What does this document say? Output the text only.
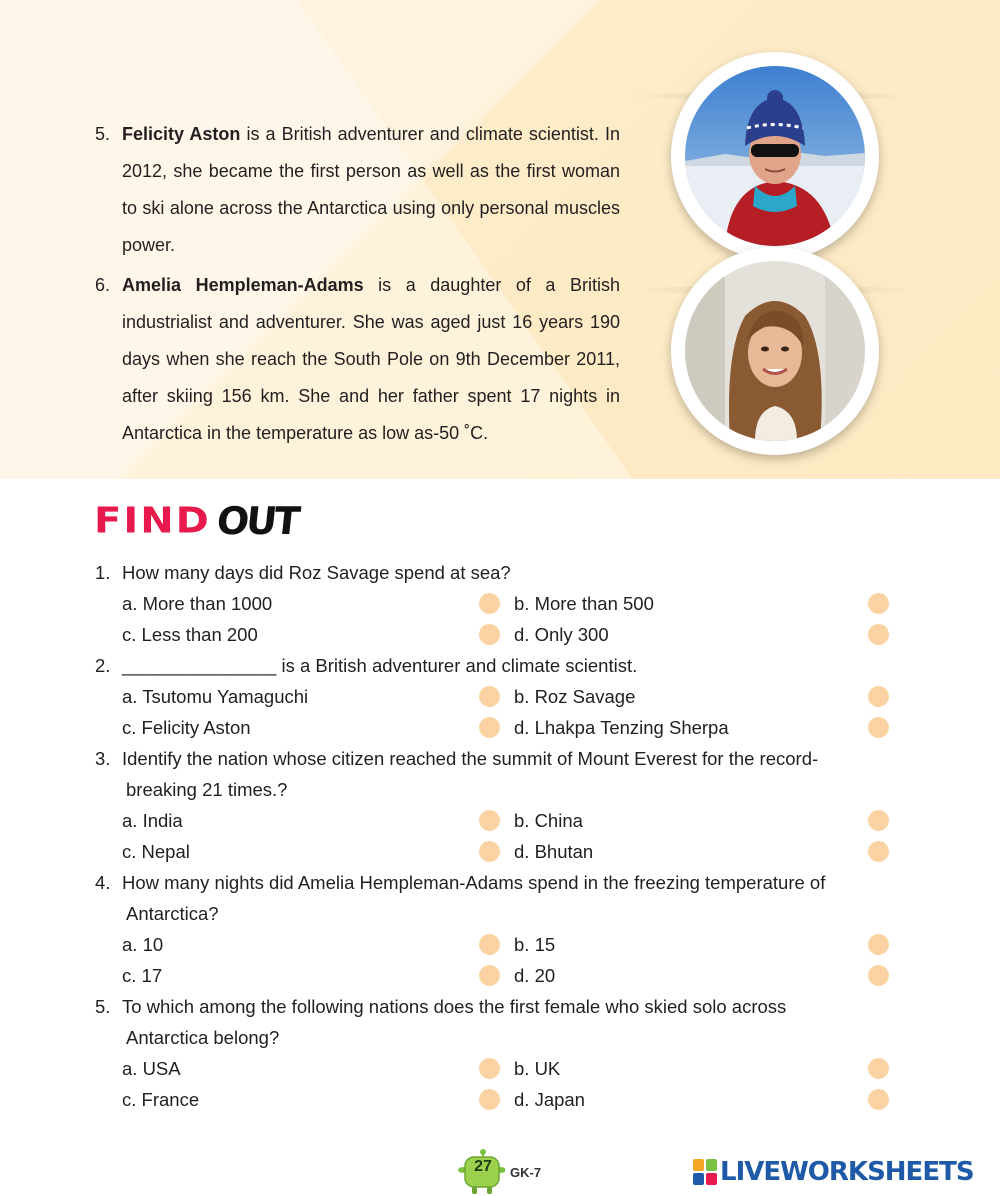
5. Felicity Aston is a British adventurer and climate scientist. In 2012, she became the first person as well as the first woman to ski alone across the Antarctica using only personal muscles power.

6. Amelia Hempleman-Adams is a daughter of a British industrialist and adventurer. She was aged just 16 years 190 days when she reach the South Pole on 9th December 2011, after skiing 156 km. She and her father spent 17 nights in Antarctica in the temperature as low as-50 ˚C.

FIND OUT
1. How many days did Roz Savage spend at sea?
a. More than 1000	b. More than 500
c. Less than 200	d. Only 300
2. _______________ is a British adventurer and climate scientist.
a. Tsutomu Yamaguchi	b. Roz Savage
c. Felicity Aston	d. Lhakpa Tenzing Sherpa
3. Identify the nation whose citizen reached the summit of Mount Everest for the record-
breaking 21 times.?
a. India	b. China
c. Nepal	d. Bhutan
4. How many nights did Amelia Hempleman-Adams spend in the freezing temperature of
Antarctica?
a. 10	b. 15
c. 17	d. 20
5. To which among the following nations does the first female who skied solo across
Antarctica belong?
a. USA	b. UK
c. France	d. Japan
27	GK-7	LIVEWORKSHEETS
